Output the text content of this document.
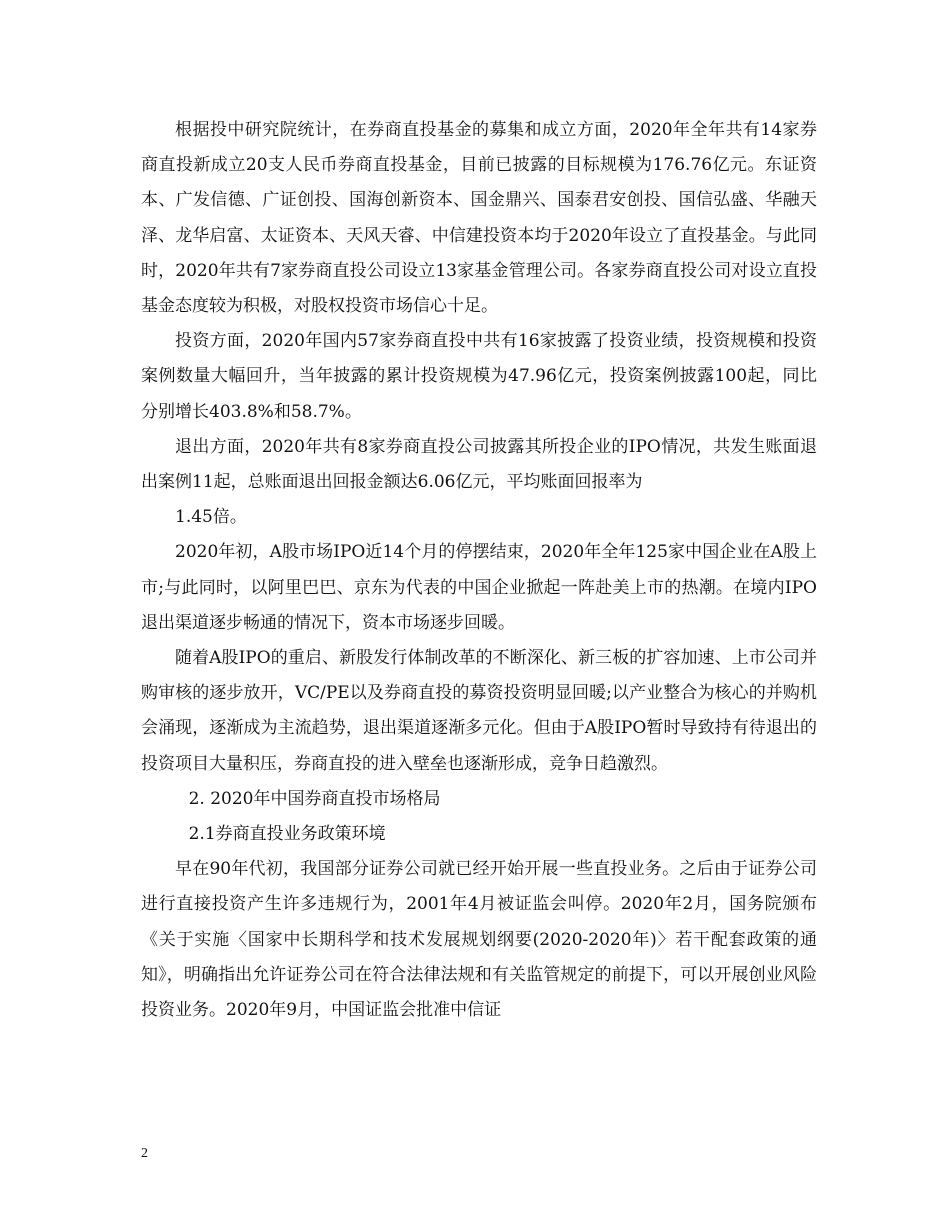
根据投中研究院统计，在券商直投基金的募集和成立方面，2020年全年共有14家券商直投新成立20支人民币券商直投基金，目前已披露的目标规模为176.76亿元。东证资本、广发信德、广证创投、国海创新资本、国金鼎兴、国泰君安创投、国信弘盛、华融天泽、龙华启富、太证资本、天风天睿、中信建投资本均于2020年设立了直投基金。与此同时，2020年共有7家券商直投公司设立13家基金管理公司。各家券商直投公司对设立直投基金态度较为积极，对股权投资市场信心十足。

投资方面，2020年国内57家券商直投中共有16家披露了投资业绩，投资规模和投资案例数量大幅回升，当年披露的累计投资规模为47.96亿元，投资案例披露100起，同比分别增长403.8%和58.7%。

退出方面，2020年共有8家券商直投公司披露其所投企业的IPO情况，共发生账面退出案例11起，总账面退出回报金额达6.06亿元，平均账面回报率为

1.45倍。

2020年初，A股市场IPO近14个月的停摆结束，2020年全年125家中国企业在A股上市;与此同时，以阿里巴巴、京东为代表的中国企业掀起一阵赴美上市的热潮。在境内IPO退出渠道逐步畅通的情况下，资本市场逐步回暖。

随着A股IPO的重启、新股发行体制改革的不断深化、新三板的扩容加速、上市公司并购审核的逐步放开，VC/PE以及券商直投的募资投资明显回暖;以产业整合为核心的并购机会涌现，逐渐成为主流趋势，退出渠道逐渐多元化。但由于A股IPO暂时导致持有待退出的投资项目大量积压，券商直投的进入壁垒也逐渐形成，竞争日趋激烈。

2. 2020年中国券商直投市场格局

2.1券商直投业务政策环境

早在90年代初，我国部分证券公司就已经开始开展一些直投业务。之后由于证券公司进行直接投资产生许多违规行为，2001年4月被证监会叫停。2020年2月，国务院颁布《关于实施〈国家中长期科学和技术发展规划纲要(2020-2020年)〉若干配套政策的通知》，明确指出允许证券公司在符合法律法规和有关监管规定的前提下，可以开展创业风险投资业务。2020年9月，中国证监会批准中信证

2
